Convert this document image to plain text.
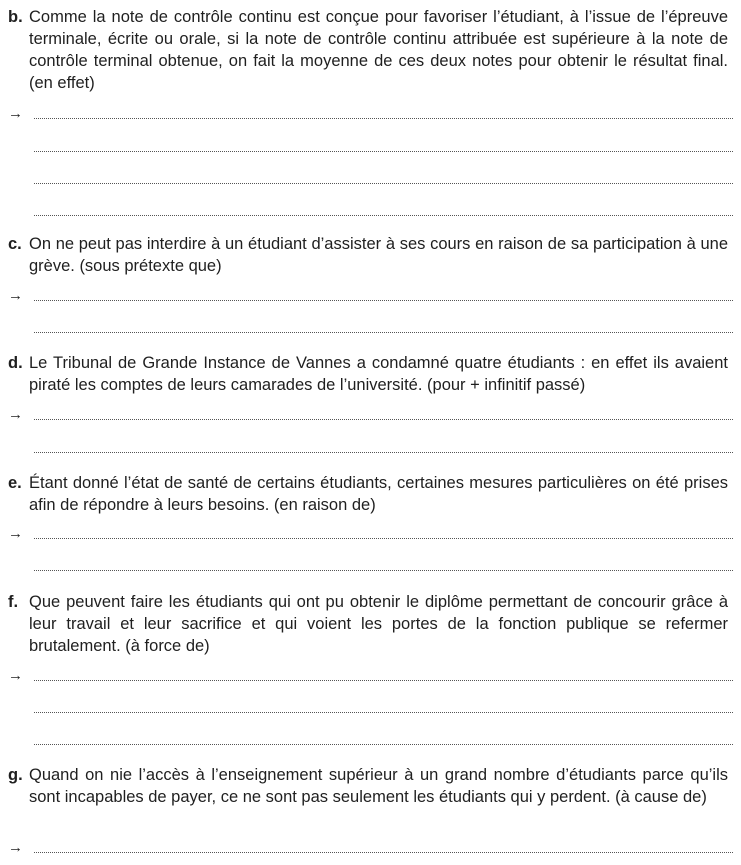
b. Comme la note de contrôle continu est conçue pour favoriser l’étudiant, à l’issue de l’épreuve terminale, écrite ou orale, si la note de contrôle continu attribuée est supérieure à la note de contrôle terminal obtenue, on fait la moyenne de ces deux notes pour obtenir le résultat final. (en effet)

→

c. On ne peut pas interdire à un étudiant d’assister à ses cours en raison de sa participation à une grève. (sous prétexte que)

→

d. Le Tribunal de Grande Instance de Vannes a condamné quatre étudiants : en effet ils avaient piraté les comptes de leurs camarades de l’université. (pour + infinitif passé)

→

e. Étant donné l’état de santé de certains étudiants, certaines mesures particulières on été prises afin de répondre à leurs besoins. (en raison de)

→

f. Que peuvent faire les étudiants qui ont pu obtenir le diplôme permettant de concourir grâce à leur travail et leur sacrifice et qui voient les portes de la fonction publique se refermer brutalement. (à force de)

→

g. Quand on nie l’accès à l’enseignement supérieur à un grand nombre d’étudiants parce qu’ils sont incapables de payer, ce ne sont pas seulement les étudiants qui y perdent. (à cause de)

→
